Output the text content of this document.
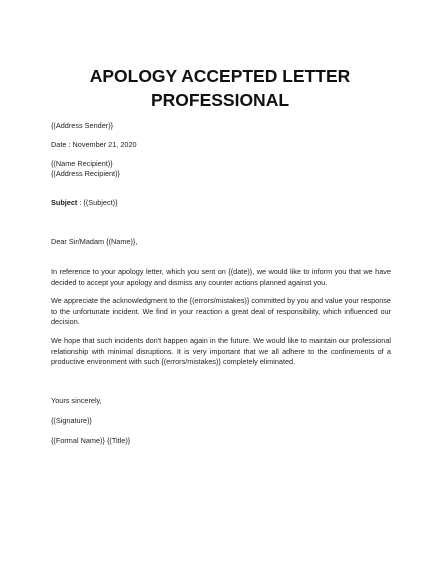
APOLOGY ACCEPTED LETTER
PROFESSIONAL
{(Address Sender)}
Date : November 21, 2020
{(Name Recipient)}
{(Address Recipient)}
Subject : {(Subject)}
Dear Sir/Madam {(Name)},
In reference to your apology letter, which you sent on {(date)}, we would like to inform you that we have decided to accept your apology and dismiss any counter actions planned against you.
We appreciate the acknowledgment to the {(errors/mistakes)} committed by you and value your response to the unfortunate incident. We find in your reaction a great deal of responsibility, which influenced our decision.
We hope that such incidents don't happen again in the future. We would like to maintain our professional relationship with minimal disruptions. It is very important that we all adhere to the confinements of a productive environment with such {(errors/mistakes)} completely eliminated.
Yours sincerely,
{(Signature)}
{(Formal Name)} {(Title)}
